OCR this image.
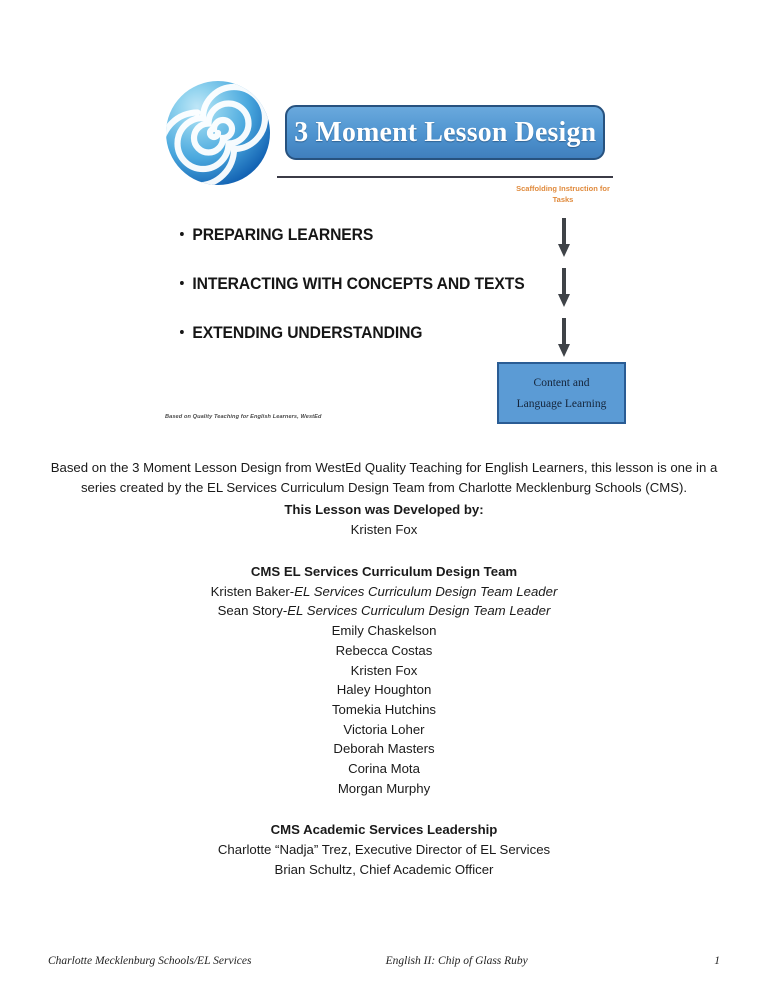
3 Moment Lesson Design
Scaffolding Instruction for Tasks
PREPARING LEARNERS
INTERACTING WITH CONCEPTS AND TEXTS
EXTENDING UNDERSTANDING
Content and
Language Learning
Based on Quality Teaching for English Learners, WestEd

Based on the 3 Moment Lesson Design from WestEd Quality Teaching for English Learners, this lesson is one in a series created by the EL Services Curriculum Design Team from Charlotte Mecklenburg Schools (CMS).

This Lesson was Developed by:

Kristen Fox

CMS EL Services Curriculum Design Team

Kristen Baker-EL Services Curriculum Design Team Leader

Sean Story-EL Services Curriculum Design Team Leader

Emily Chaskelson

Rebecca Costas

Kristen Fox

Haley Houghton

Tomekia Hutchins

Victoria Loher

Deborah Masters

Corina Mota

Morgan Murphy

CMS Academic Services Leadership

Charlotte “Nadja” Trez, Executive Director of EL Services

Brian Schultz, Chief Academic Officer

Charlotte Mecklenburg Schools/EL Services	English II: Chip of Glass Ruby	1
